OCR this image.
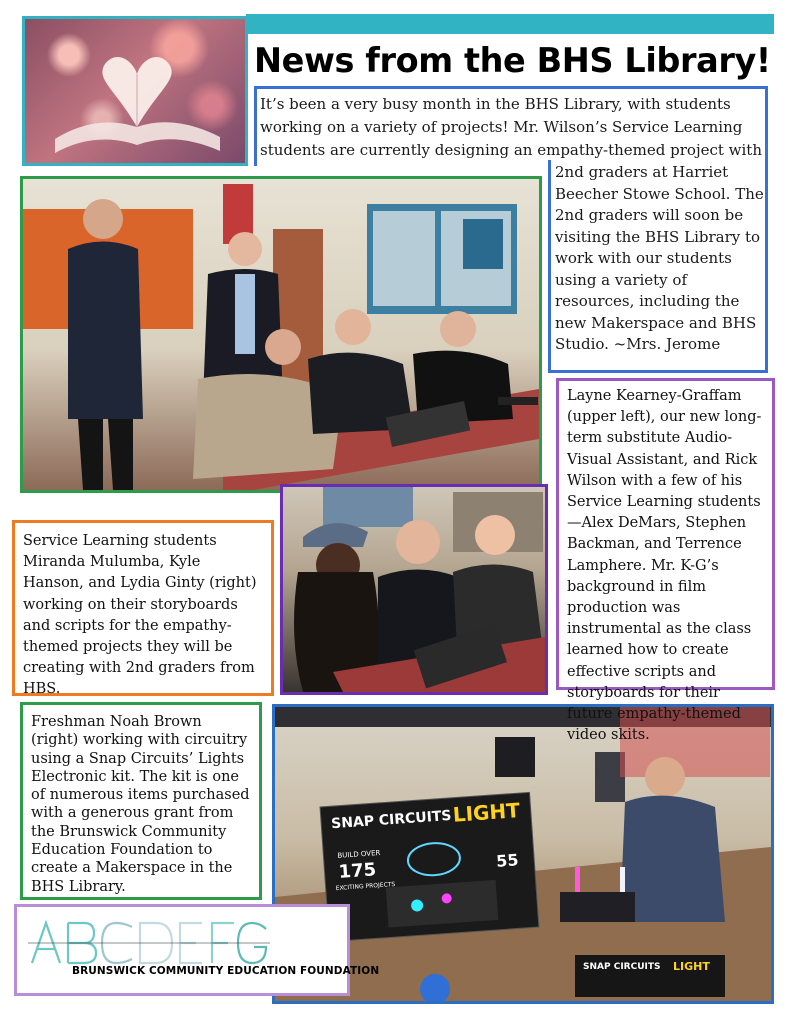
News from the BHS Library!
It’s been a very busy month in the BHS Library, with students working on a variety of projects! Mr. Wilson’s Service Learning students are currently designing an empathy-themed project with
2nd graders at Harriet Beecher Stowe School. The 2nd graders will soon be visiting the BHS Library to work with our students using a variety of resources, including the new Makerspace and BHS Studio. ~Mrs. Jerome
SNAP CIRCUITS LIGHT
BUILD OVER
175
EXCITING PROJECTS
55
SNAP CIRCUITS LIGHT
Layne Kearney-Graffam (upper left), our new long-term substitute Audio-Visual Assistant, and Rick Wilson with a few of his Service Learning students—Alex DeMars, Stephen Backman, and Terrence Lamphere. Mr. K-G’s background in film production was instrumental as the class learned how to create effective scripts and storyboards for their future empathy-themed video skits.
Service Learning students Miranda Mulumba, Kyle Hanson, and Lydia Ginty (right) working on their storyboards and scripts for the empathy-themed projects they will be creating with 2nd graders from HBS.
Freshman Noah Brown (right) working with circuitry using a Snap Circuits’ Lights Electronic kit. The kit is one of numerous items purchased with a generous grant from the Brunswick Community Education Foundation to create a Makerspace in the BHS Library.
BRUNSWICK COMMUNITY EDUCATION FOUNDATION
